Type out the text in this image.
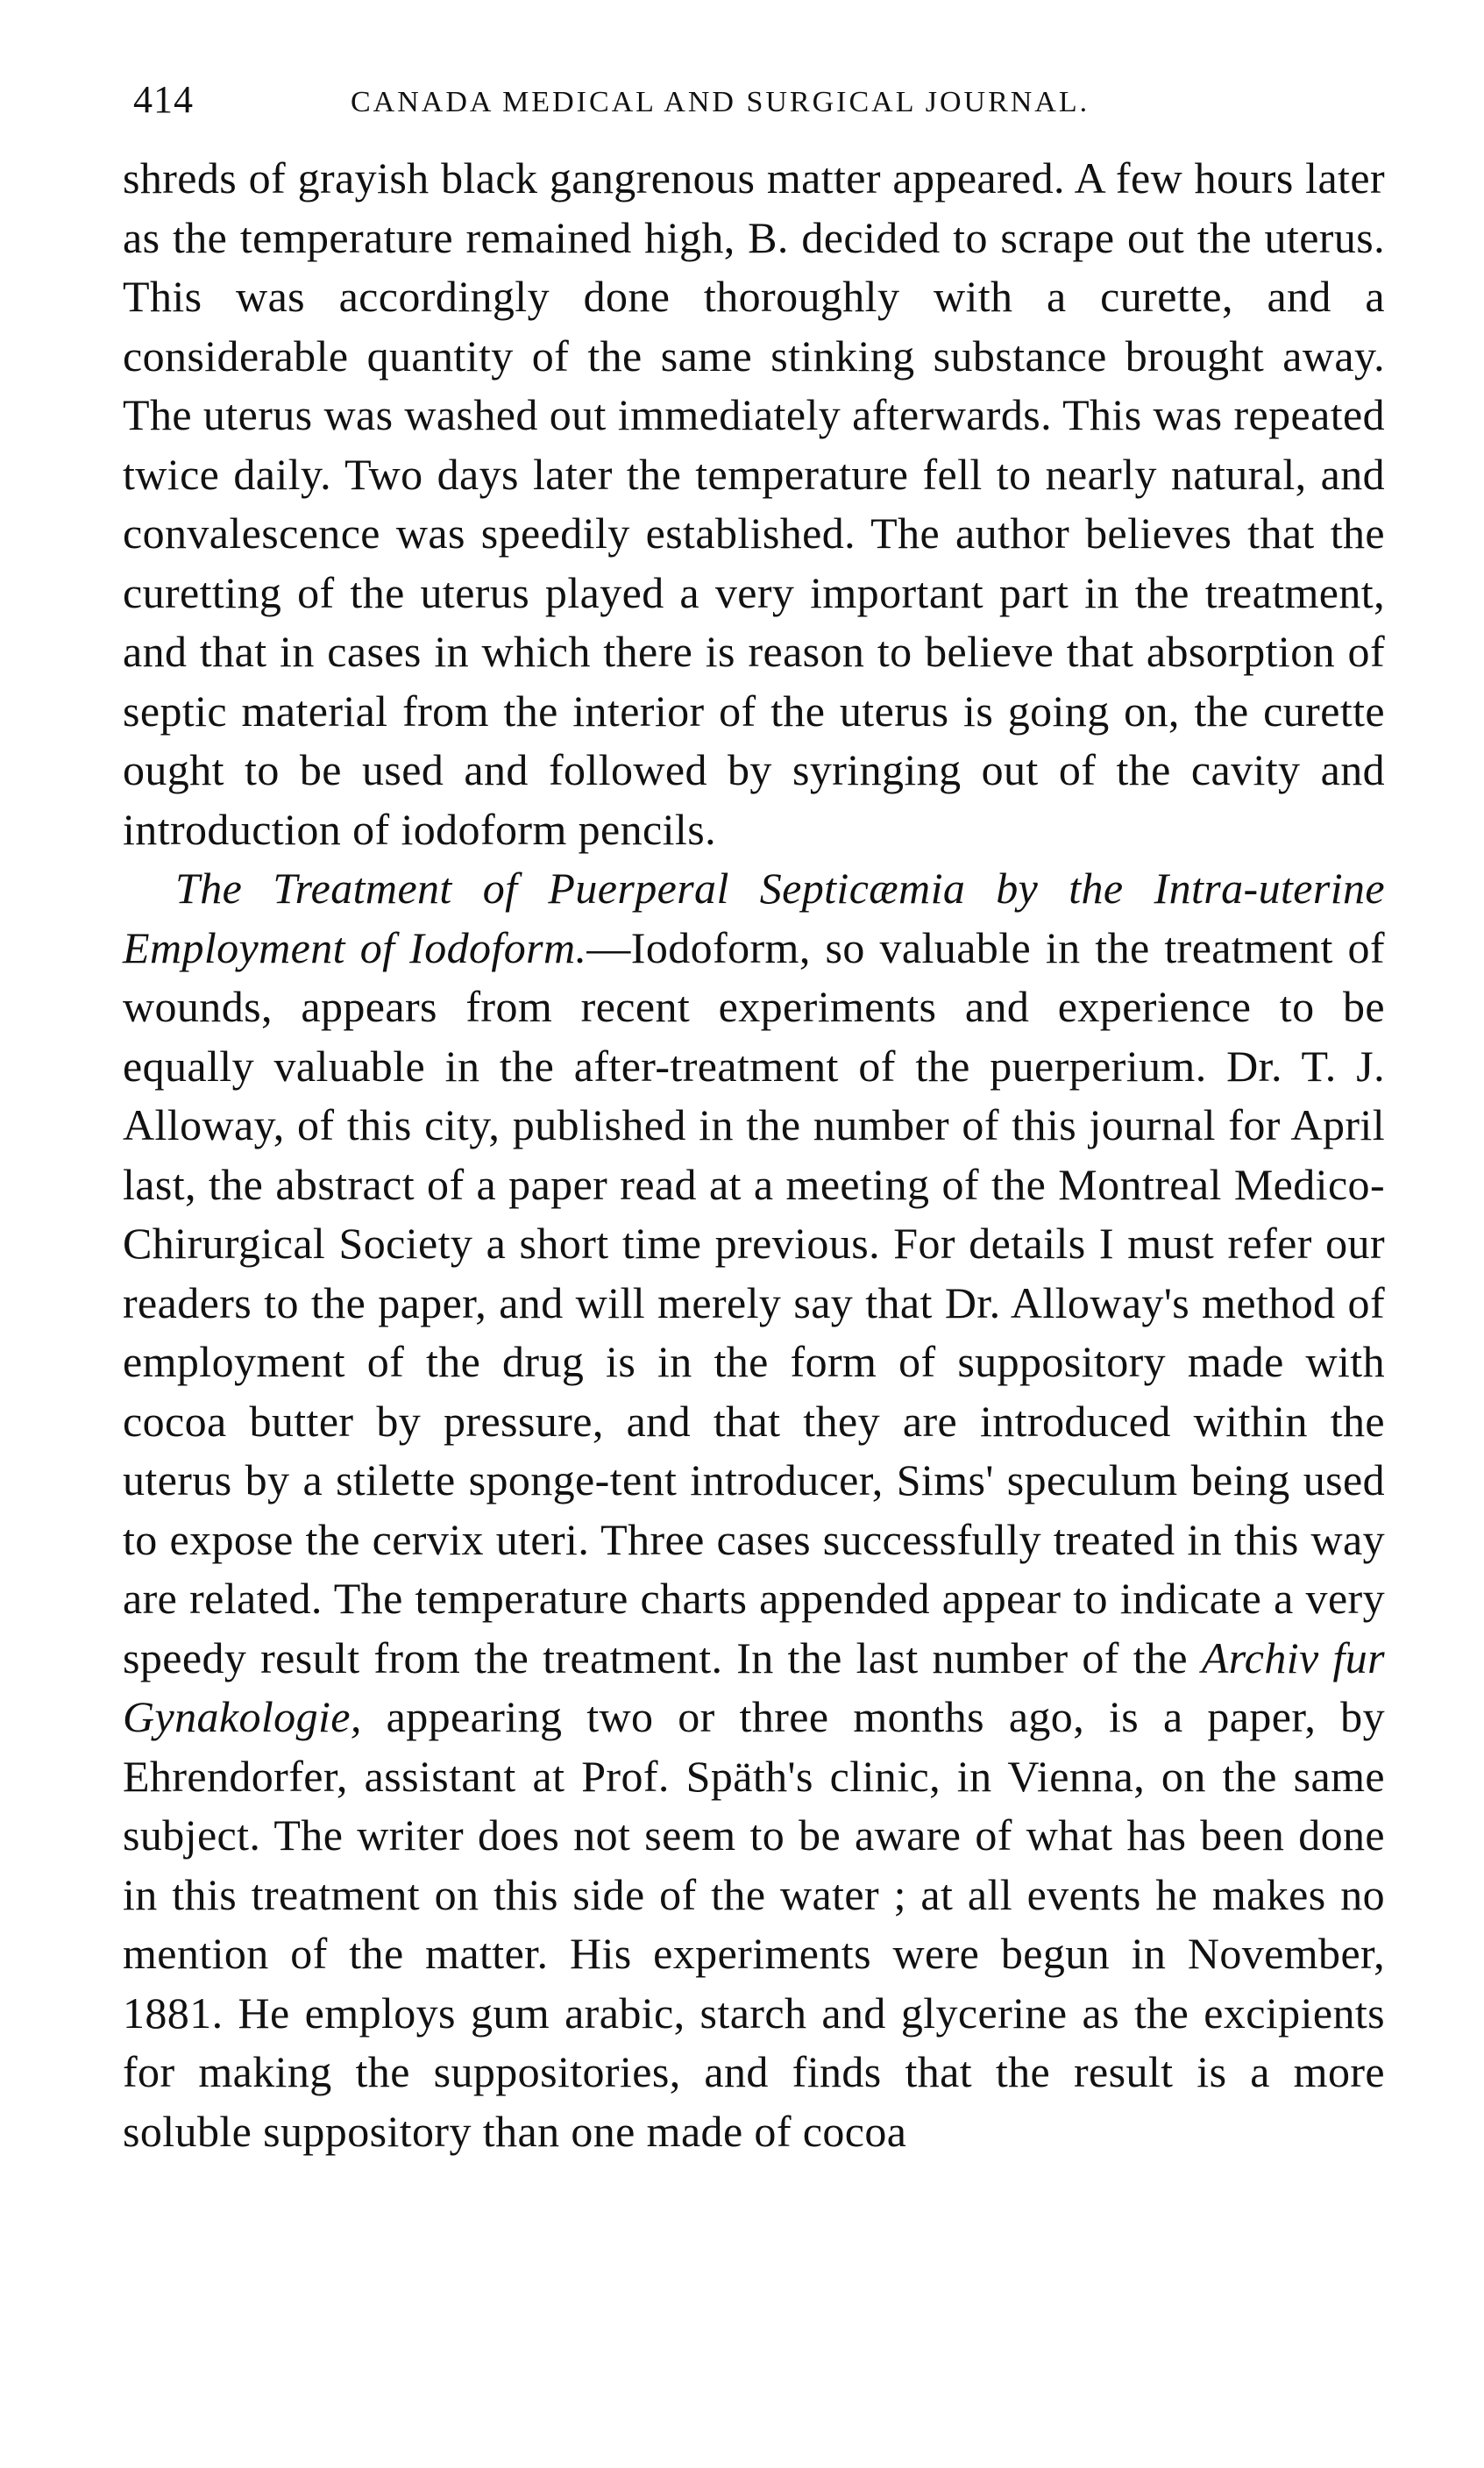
414	CANADA MEDICAL AND SURGICAL JOURNAL.

shreds of grayish black gangrenous matter appeared. A few hours later as the temperature remained high, B. decided to scrape out the uterus. This was accordingly done thoroughly with a curette, and a considerable quantity of the same stinking substance brought away. The uterus was washed out immediately afterwards. This was repeated twice daily. Two days later the temperature fell to nearly natural, and convalescence was speedily established. The author believes that the curetting of the uterus played a very important part in the treatment, and that in cases in which there is reason to believe that absorption of septic material from the interior of the uterus is going on, the curette ought to be used and followed by syringing out of the cavity and introduction of iodoform pencils.

The Treatment of Puerperal Septicæmia by the Intra-uterine Employment of Iodoform.—Iodoform, so valuable in the treatment of wounds, appears from recent experiments and experience to be equally valuable in the after-treatment of the puerperium. Dr. T. J. Alloway, of this city, published in the number of this journal for April last, the abstract of a paper read at a meeting of the Montreal Medico-Chirurgical Society a short time previous. For details I must refer our readers to the paper, and will merely say that Dr. Alloway's method of employment of the drug is in the form of suppository made with cocoa butter by pressure, and that they are introduced within the uterus by a stilette sponge-tent introducer, Sims' speculum being used to expose the cervix uteri. Three cases successfully treated in this way are related. The temperature charts appended appear to indicate a very speedy result from the treatment. In the last number of the Archiv fur Gynakologie, appearing two or three months ago, is a paper, by Ehrendorfer, assistant at Prof. Späth's clinic, in Vienna, on the same subject. The writer does not seem to be aware of what has been done in this treatment on this side of the water ; at all events he makes no mention of the matter. His experiments were begun in November, 1881. He employs gum arabic, starch and glycerine as the excipients for making the suppositories, and finds that the result is a more soluble suppository than one made of cocoa
